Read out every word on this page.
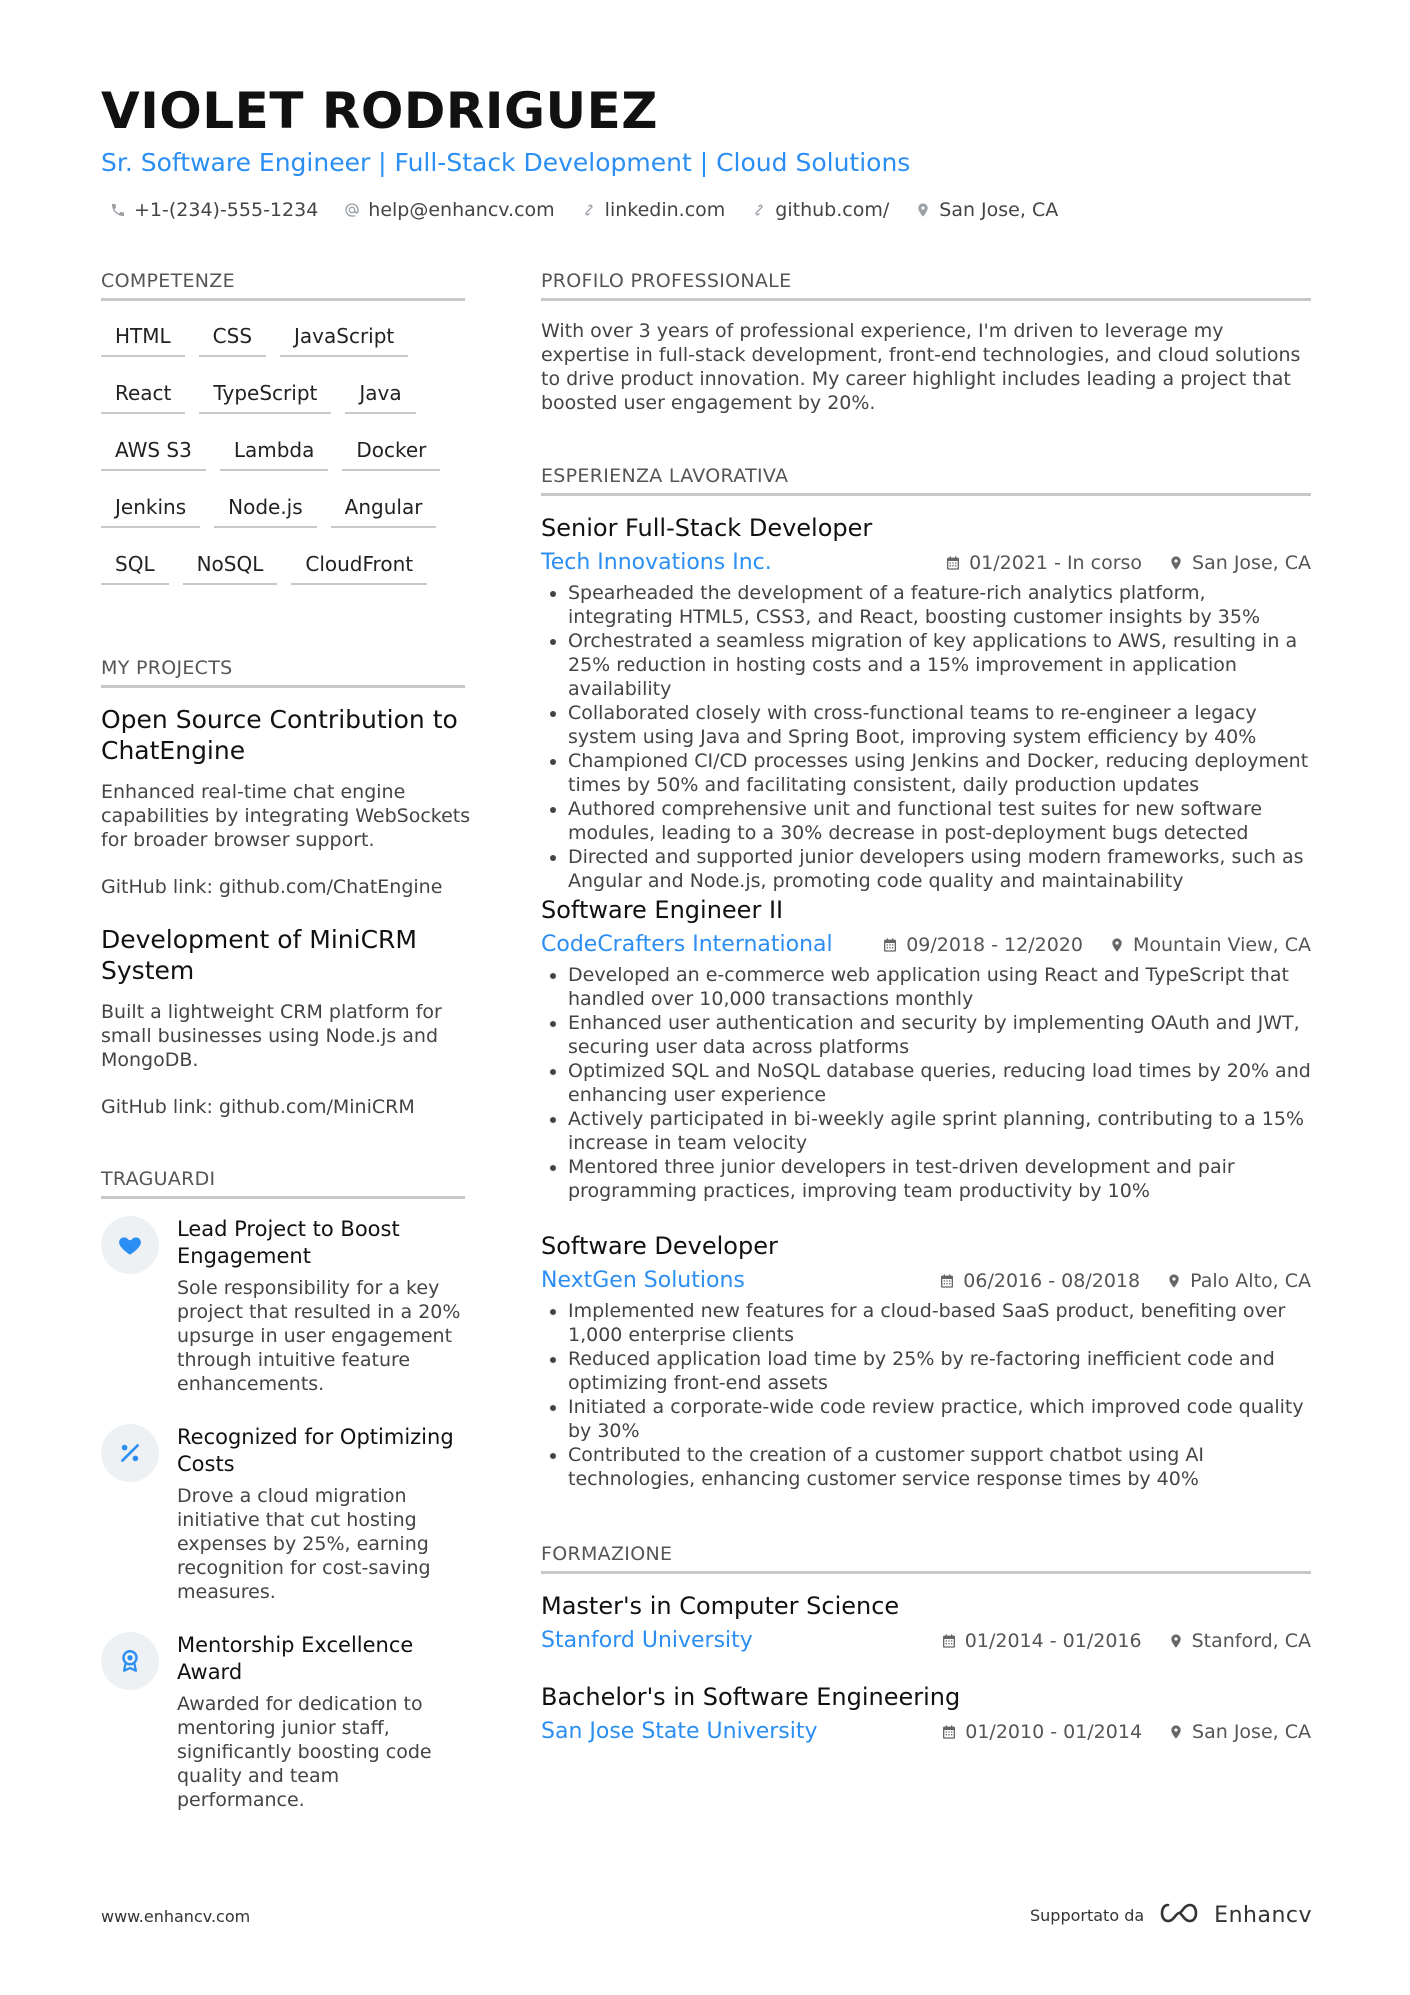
VIOLET RODRIGUEZ
Sr. Software Engineer | Full-Stack Development | Cloud Solutions
+1-(234)-555-1234	help@enhancv.com	linkedin.com	github.com/	San Jose, CA
COMPETENZE
HTML	CSS	JavaScript
React	TypeScript	Java
AWS S3	Lambda	Docker
Jenkins	Node.js	Angular
SQL	NoSQL	CloudFront
MY PROJECTS
Open Source Contribution to ChatEngine

Enhanced real-time chat engine capabilities by integrating WebSockets for broader browser support.

GitHub link: github.com/ChatEngine
Development of MiniCRM System

Built a lightweight CRM platform for small businesses using Node.js and MongoDB.

GitHub link: github.com/MiniCRM
TRAGUARDI
Lead Project to Boost Engagement

Sole responsibility for a key project that resulted in a 20% upsurge in user engagement through intuitive feature enhancements.

Recognized for Optimizing Costs

Drove a cloud migration initiative that cut hosting expenses by 25%, earning recognition for cost-saving measures.

Mentorship Excellence Award

Awarded for dedication to mentoring junior staff, significantly boosting code quality and team performance.

PROFILO PROFESSIONALE

With over 3 years of professional experience, I'm driven to leverage my expertise in full-stack development, front-end technologies, and cloud solutions to drive product innovation. My career highlight includes leading a project that boosted user engagement by 20%.

ESPERIENZA LAVORATIVA
Senior Full-Stack Developer
Tech Innovations Inc.	01/2021 - In corso	San Jose, CA
• Spearheaded the development of a feature-rich analytics platform, integrating HTML5, CSS3, and React, boosting customer insights by 35%
• Orchestrated a seamless migration of key applications to AWS, resulting in a 25% reduction in hosting costs and a 15% improvement in application availability
• Collaborated closely with cross-functional teams to re-engineer a legacy system using Java and Spring Boot, improving system efficiency by 40%
• Championed CI/CD processes using Jenkins and Docker, reducing deployment times by 50% and facilitating consistent, daily production updates
• Authored comprehensive unit and functional test suites for new software modules, leading to a 30% decrease in post-deployment bugs detected
• Directed and supported junior developers using modern frameworks, such as Angular and Node.js, promoting code quality and maintainability
Software Engineer II
CodeCrafters International	09/2018 - 12/2020	Mountain View, CA
• Developed an e-commerce web application using React and TypeScript that handled over 10,000 transactions monthly
• Enhanced user authentication and security by implementing OAuth and JWT, securing user data across platforms
• Optimized SQL and NoSQL database queries, reducing load times by 20% and enhancing user experience
• Actively participated in bi-weekly agile sprint planning, contributing to a 15% increase in team velocity
• Mentored three junior developers in test-driven development and pair programming practices, improving team productivity by 10%
Software Developer
NextGen Solutions	06/2016 - 08/2018	Palo Alto, CA
• Implemented new features for a cloud-based SaaS product, benefiting over 1,000 enterprise clients
• Reduced application load time by 25% by re-factoring inefficient code and optimizing front-end assets
• Initiated a corporate-wide code review practice, which improved code quality by 30%
• Contributed to the creation of a customer support chatbot using AI technologies, enhancing customer service response times by 40%
FORMAZIONE
Master's in Computer Science
Stanford University	01/2014 - 01/2016	Stanford, CA
Bachelor's in Software Engineering
San Jose State University	01/2010 - 01/2014	San Jose, CA
www.enhancv.com	Supportato da	Enhancv
